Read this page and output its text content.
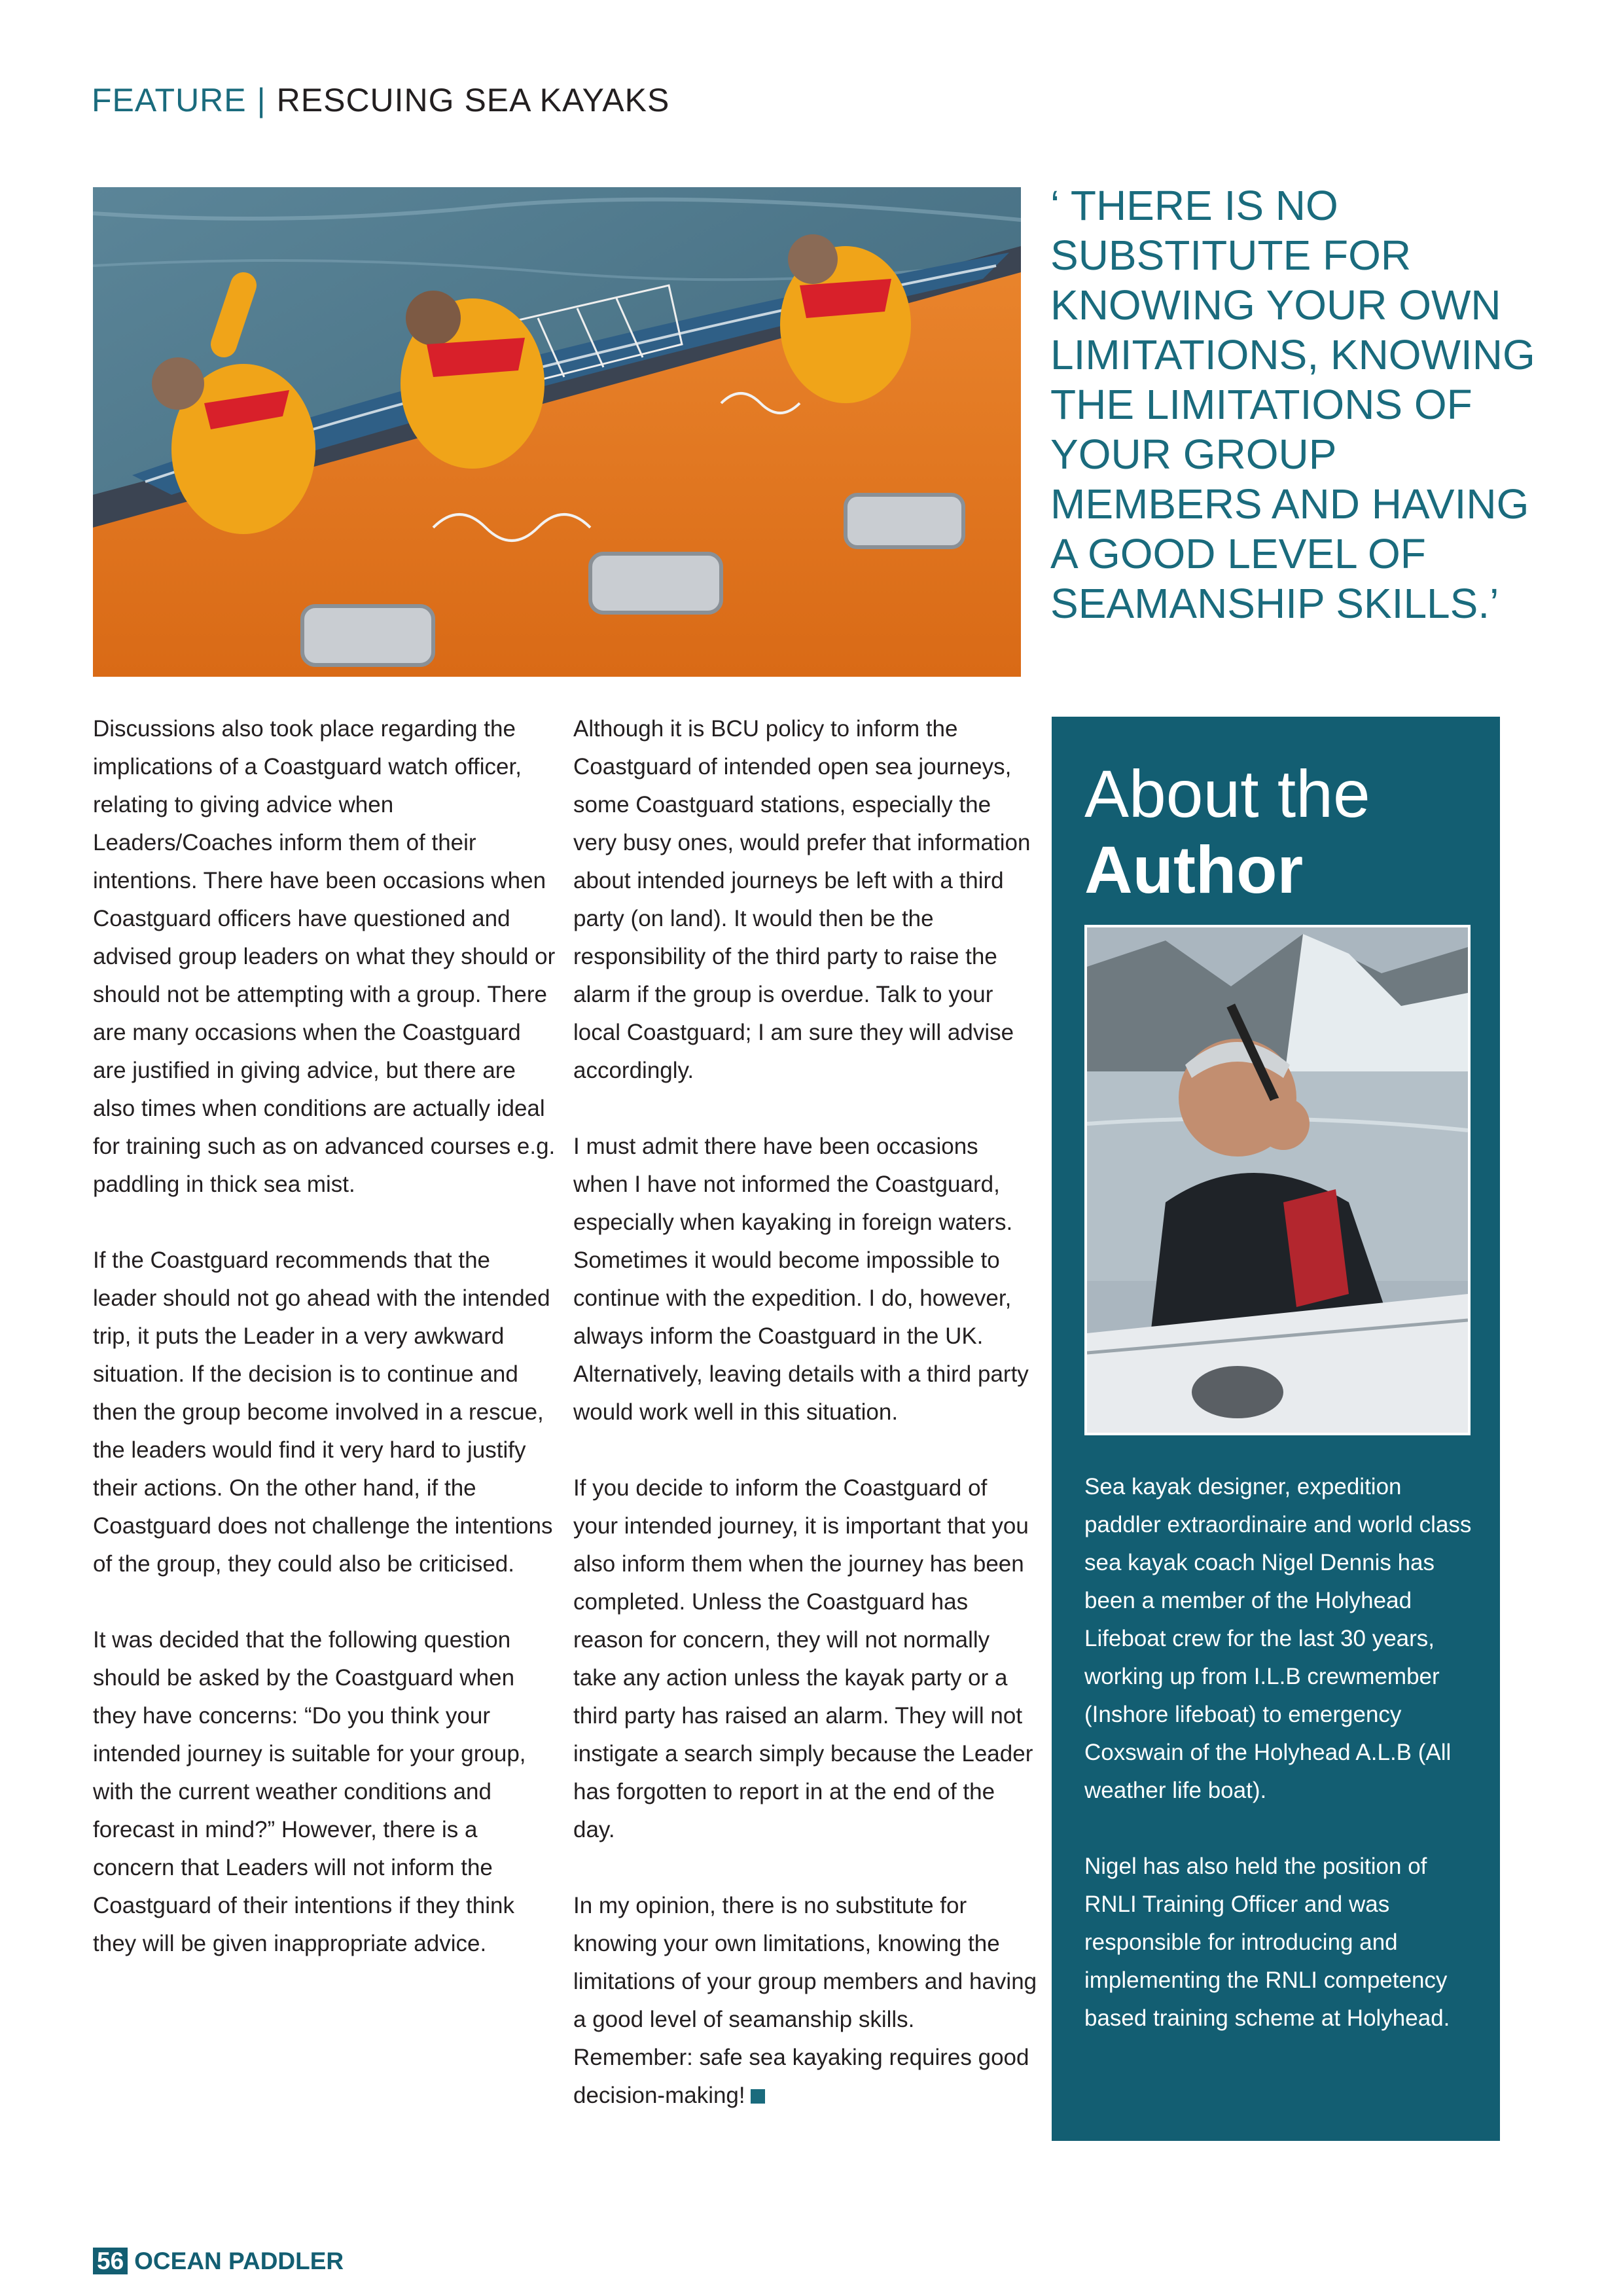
FEATURE | RESCUING SEA KAYAKS

‘ THERE IS NO SUBSTITUTE FOR KNOWING YOUR OWN LIMITATIONS, KNOWING THE LIMITATIONS OF YOUR GROUP MEMBERS AND HAVING A GOOD LEVEL OF SEAMANSHIP SKILLS.’

Discussions also took place regarding the implications of a Coastguard watch officer, relating to giving advice when Leaders/Coaches inform them of their intentions. There have been occasions when Coastguard officers have questioned and advised group leaders on what they should or should not be attempting with a group. There are many occasions when the Coastguard are justified in giving advice, but there are also times when conditions are actually ideal for training such as on advanced courses e.g. paddling in thick sea mist.

If the Coastguard recommends that the leader should not go ahead with the intended trip, it puts the Leader in a very awkward situation. If the decision is to continue and then the group become involved in a rescue, the leaders would find it very hard to justify their actions. On the other hand, if the Coastguard does not challenge the intentions of the group, they could also be criticised.

It was decided that the following question should be asked by the Coastguard when they have concerns: “Do you think your intended journey is suitable for your group, with the current weather conditions and forecast in mind?” However, there is a concern that Leaders will not inform the Coastguard of their intentions if they think they will be given inappropriate advice.

Although it is BCU policy to inform the Coastguard of intended open sea journeys, some Coastguard stations, especially the very busy ones, would prefer that information about intended journeys be left with a third party (on land). It would then be the responsibility of the third party to raise the alarm if the group is overdue. Talk to your local Coastguard; I am sure they will advise accordingly.

I must admit there have been occasions when I have not informed the Coastguard, especially when kayaking in foreign waters. Sometimes it would become impossible to continue with the expedition. I do, however, always inform the Coastguard in the UK. Alternatively, leaving details with a third party would work well in this situation.

If you decide to inform the Coastguard of your intended journey, it is important that you also inform them when the journey has been completed. Unless the Coastguard has reason for concern, they will not normally take any action unless the kayak party or a third party has raised an alarm. They will not instigate a search simply because the Leader has forgotten to report in at the end of the day.

In my opinion, there is no substitute for knowing your own limitations, knowing the limitations of your group members and having a good level of seamanship skills. Remember: safe sea kayaking requires good decision-making!

About the
Author

Sea kayak designer, expedition paddler extraordinaire and world class sea kayak coach Nigel Dennis has been a member of the Holyhead Lifeboat crew for the last 30 years, working up from I.L.B crewmember (Inshore lifeboat) to emergency Coxswain of the Holyhead A.L.B (All weather life boat).

Nigel has also held the position of RNLI Training Officer and was responsible for introducing and implementing the RNLI competency based training scheme at Holyhead.

56 OCEAN PADDLER
